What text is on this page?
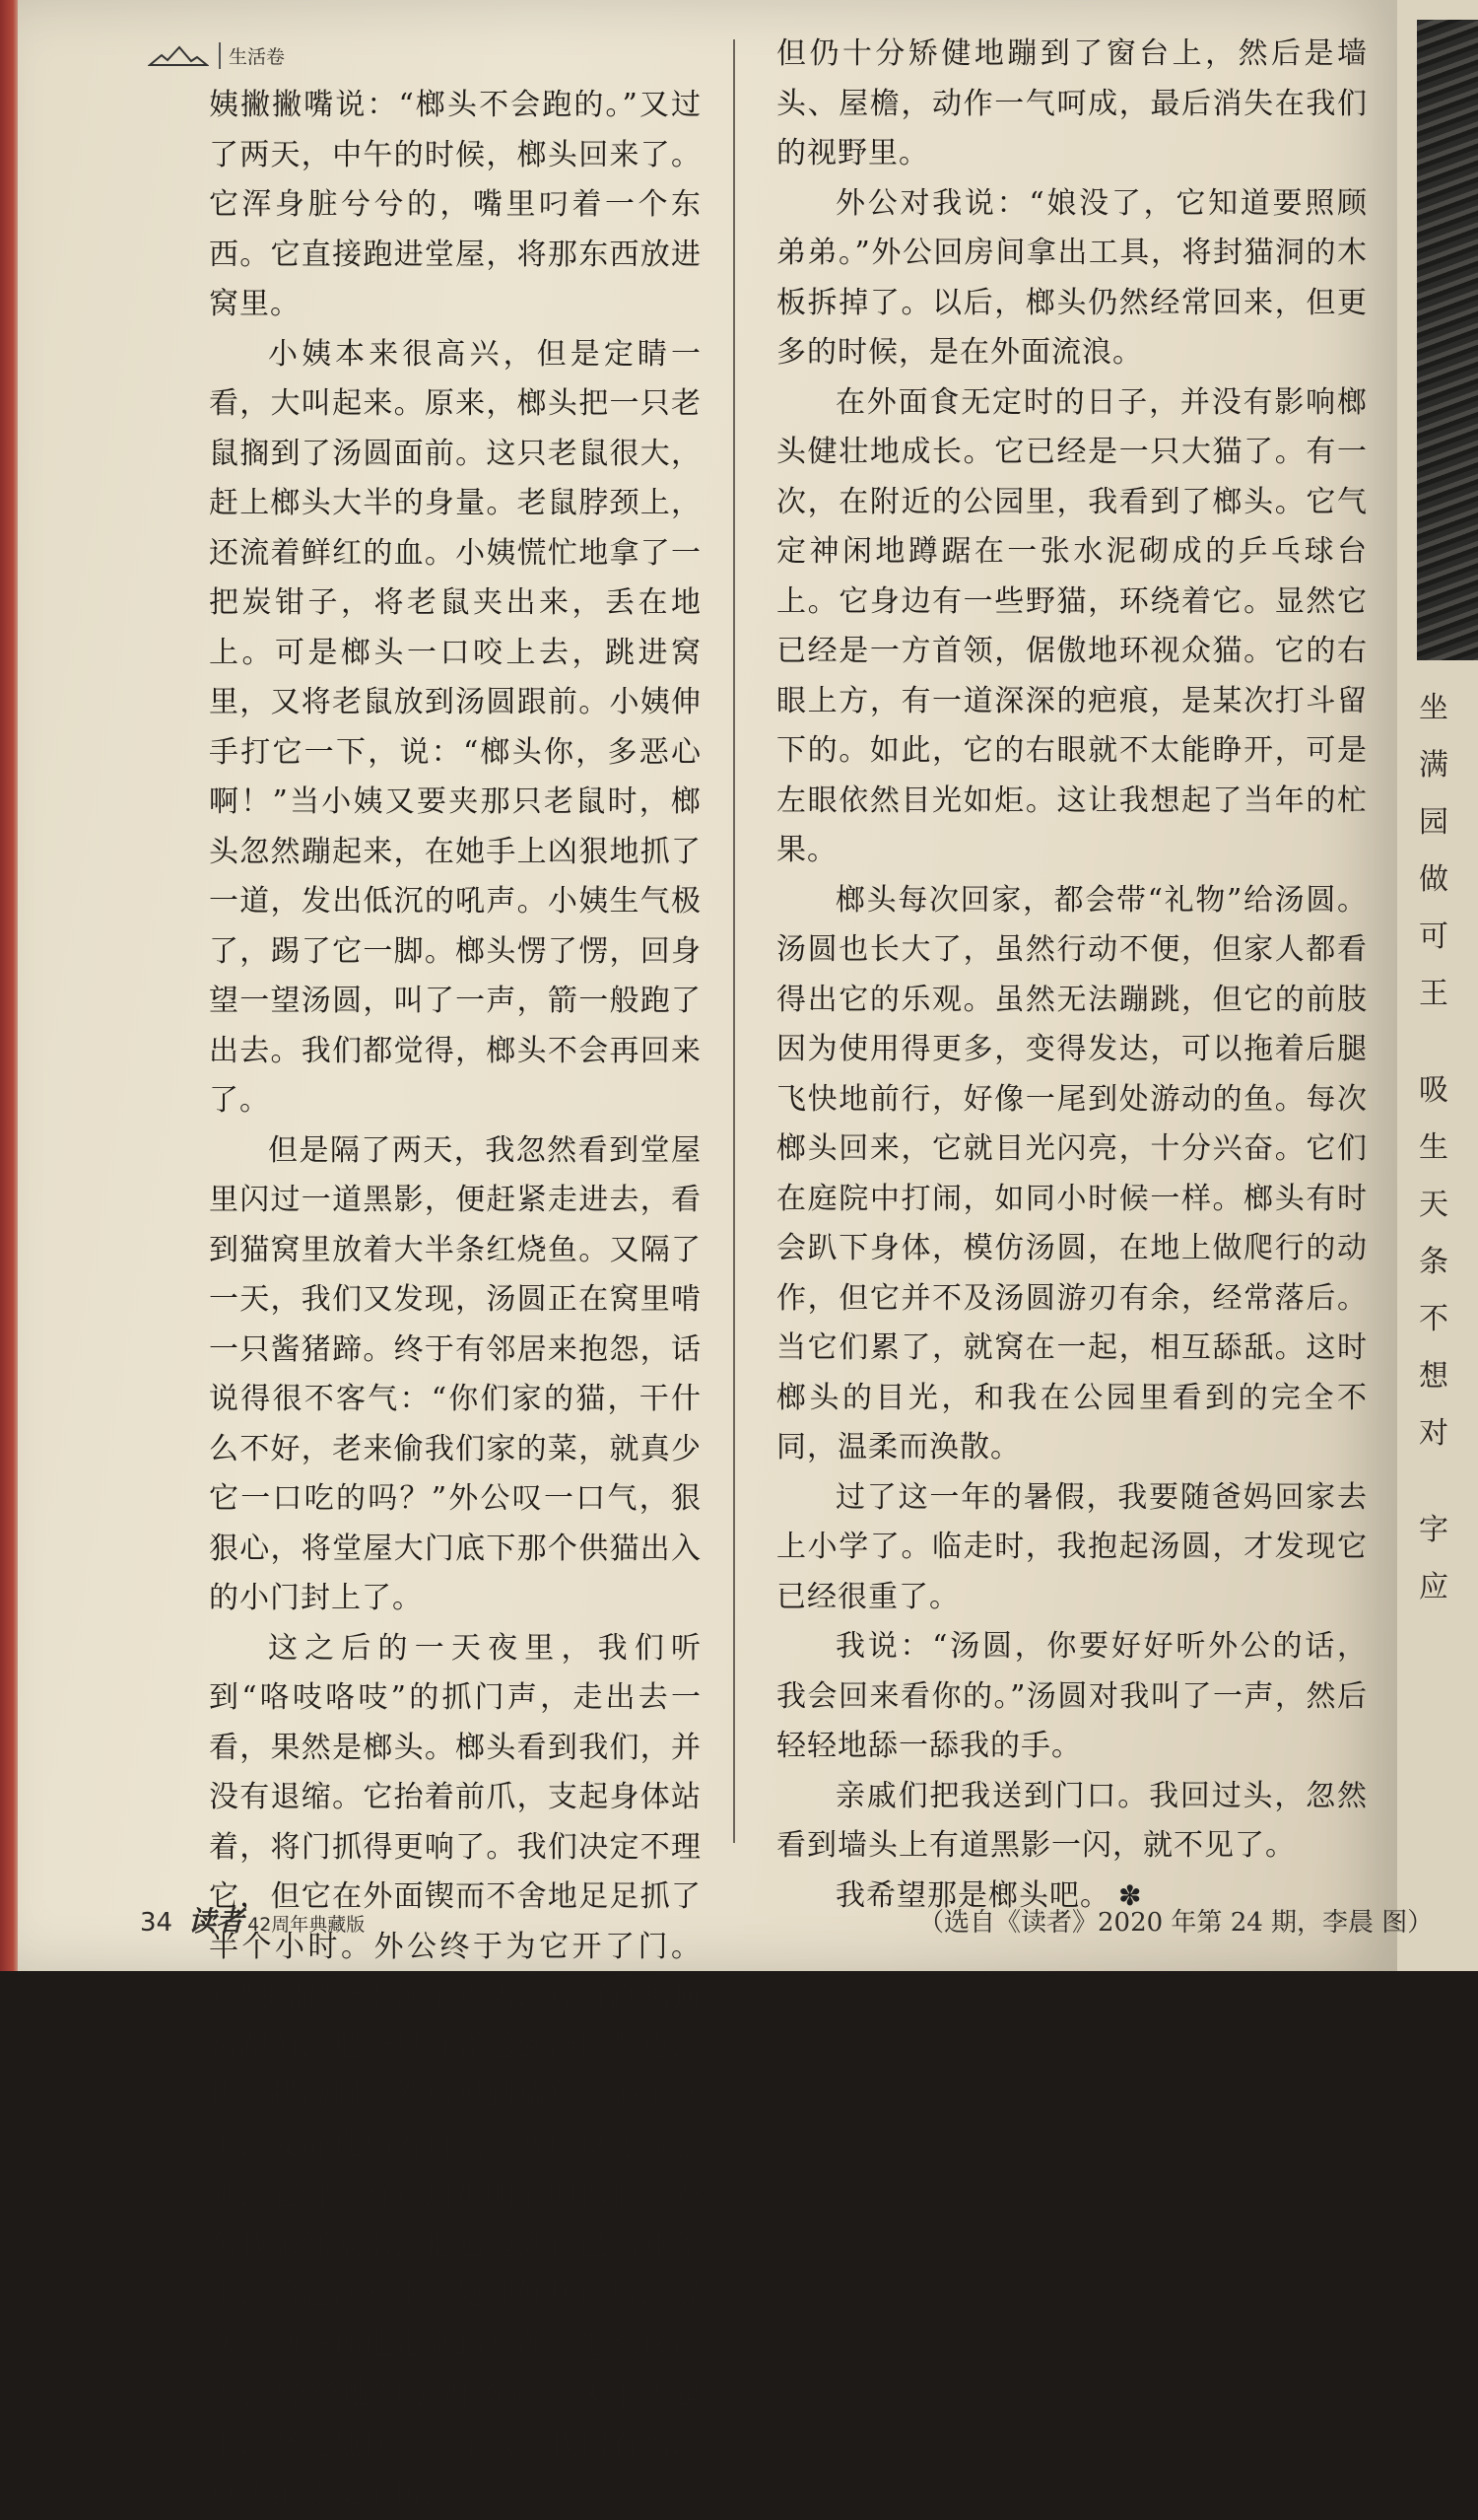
坐
满
园
做
可
王
吸
生
天
条
不
想
对
字
应
生活卷

姨撇撇嘴说：“榔头不会跑的。”又过了两天，中午的时候，榔头回来了。它浑身脏兮兮的，嘴里叼着一个东西。它直接跑进堂屋，将那东西放进窝里。

小姨本来很高兴，但是定睛一看，大叫起来。原来，榔头把一只老鼠搁到了汤圆面前。这只老鼠很大，赶上榔头大半的身量。老鼠脖颈上，还流着鲜红的血。小姨慌忙地拿了一把炭钳子，将老鼠夹出来，丢在地上。可是榔头一口咬上去，跳进窝里，又将老鼠放到汤圆跟前。小姨伸手打它一下，说：“榔头你，多恶心啊！”当小姨又要夹那只老鼠时，榔头忽然蹦起来，在她手上凶狠地抓了一道，发出低沉的吼声。小姨生气极了，踢了它一脚。榔头愣了愣，回身望一望汤圆，叫了一声，箭一般跑了出去。我们都觉得，榔头不会再回来了。

但是隔了两天，我忽然看到堂屋里闪过一道黑影，便赶紧走进去，看到猫窝里放着大半条红烧鱼。又隔了一天，我们又发现，汤圆正在窝里啃一只酱猪蹄。终于有邻居来抱怨，话说得很不客气：“你们家的猫，干什么不好，老来偷我们家的菜，就真少它一口吃的吗？”外公叹一口气，狠狠心，将堂屋大门底下那个供猫出入的小门封上了。

这之后的一天夜里，我们听到“咯吱咯吱”的抓门声，走出去一看，果然是榔头。榔头看到我们，并没有退缩。它抬着前爪，支起身体站着，将门抓得更响了。我们决定不理它，但它在外面锲而不舍地足足抓了半个小时。外公终于为它开了门。它“刺溜”一下冲了进去，径直跑到猫窝跟前，把一只麻雀送到汤圆嘴边，拱一拱汤圆，然后退到墙角，卧了下来，安静地舔着自己。我们这才注意到，它身上有几道很明显的伤痕。外公找来红汞水，把它抱到自己的膝盖上，给它涂药水。处理好伤口后，榔头一瘸一拐地走到猫窝前，把头探进去，轻轻地蹭了蹭汤圆，这才站起来，坚定地往门外走去。我们看到，榔头虽然受了伤，

但仍十分矫健地蹦到了窗台上，然后是墙头、屋檐，动作一气呵成，最后消失在我们的视野里。

外公对我说：“娘没了，它知道要照顾弟弟。”外公回房间拿出工具，将封猫洞的木板拆掉了。以后，榔头仍然经常回来，但更多的时候，是在外面流浪。

在外面食无定时的日子，并没有影响榔头健壮地成长。它已经是一只大猫了。有一次，在附近的公园里，我看到了榔头。它气定神闲地蹲踞在一张水泥砌成的乒乓球台上。它身边有一些野猫，环绕着它。显然它已经是一方首领，倨傲地环视众猫。它的右眼上方，有一道深深的疤痕，是某次打斗留下的。如此，它的右眼就不太能睁开，可是左眼依然目光如炬。这让我想起了当年的杧果。

榔头每次回家，都会带“礼物”给汤圆。汤圆也长大了，虽然行动不便，但家人都看得出它的乐观。虽然无法蹦跳，但它的前肢因为使用得更多，变得发达，可以拖着后腿飞快地前行，好像一尾到处游动的鱼。每次榔头回来，它就目光闪亮，十分兴奋。它们在庭院中打闹，如同小时候一样。榔头有时会趴下身体，模仿汤圆，在地上做爬行的动作，但它并不及汤圆游刃有余，经常落后。当它们累了，就窝在一起，相互舔舐。这时榔头的目光，和我在公园里看到的完全不同，温柔而涣散。

过了这一年的暑假，我要随爸妈回家去上小学了。临走时，我抱起汤圆，才发现它已经很重了。

我说：“汤圆，你要好好听外公的话，我会回来看你的。”汤圆对我叫了一声，然后轻轻地舔一舔我的手。

亲戚们把我送到门口。我回过头，忽然看到墙头上有道黑影一闪，就不见了。

我希望那是榔头吧。 ✽

34 读者 42周年典藏版	（选自《读者》2020 年第 24 期，李晨 图）
